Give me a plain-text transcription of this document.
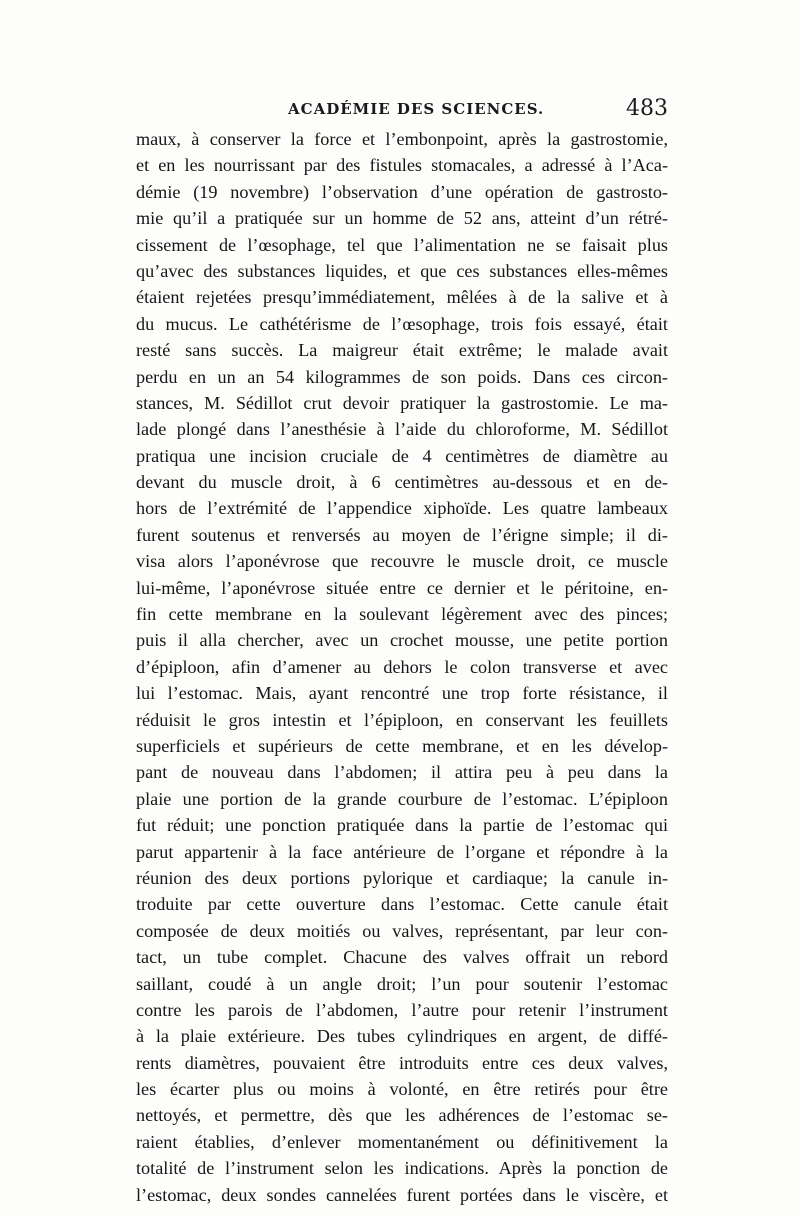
ACADÉMIE DES SCIENCES.	483
maux, à conserver la force et l’embonpoint, après la gastrostomie,
et en les nourrissant par des fistules stomacales, a adressé à l’Aca-
démie (19 novembre) l’observation d’une opération de gastrosto-
mie qu’il a pratiquée sur un homme de 52 ans, atteint d’un rétré-
cissement de l’œsophage, tel que l’alimentation ne se faisait plus
qu’avec des substances liquides, et que ces substances elles-mêmes
étaient rejetées presqu’immédiatement, mêlées à de la salive et à
du mucus. Le cathétérisme de l’œsophage, trois fois essayé, était
resté sans succès. La maigreur était extrême; le malade avait
perdu en un an 54 kilogrammes de son poids. Dans ces circon-
stances, M. Sédillot crut devoir pratiquer la gastrostomie. Le ma-
lade plongé dans l’anesthésie à l’aide du chloroforme, M. Sédillot
pratiqua une incision cruciale de 4 centimètres de diamètre au
devant du muscle droit, à 6 centimètres au-dessous et en de-
hors de l’extrémité de l’appendice xiphoïde. Les quatre lambeaux
furent soutenus et renversés au moyen de l’érigne simple; il di-
visa alors l’aponévrose que recouvre le muscle droit, ce muscle
lui-même, l’aponévrose située entre ce dernier et le péritoine, en-
fin cette membrane en la soulevant légèrement avec des pinces;
puis il alla chercher, avec un crochet mousse, une petite portion
d’épiploon, afin d’amener au dehors le colon transverse et avec
lui l’estomac. Mais, ayant rencontré une trop forte résistance, il
réduisit le gros intestin et l’épiploon, en conservant les feuillets
superficiels et supérieurs de cette membrane, et en les dévelop-
pant de nouveau dans l’abdomen; il attira peu à peu dans la
plaie une portion de la grande courbure de l’estomac. L’épiploon
fut réduit; une ponction pratiquée dans la partie de l’estomac qui
parut appartenir à la face antérieure de l’organe et répondre à la
réunion des deux portions pylorique et cardiaque; la canule in-
troduite par cette ouverture dans l’estomac. Cette canule était
composée de deux moitiés ou valves, représentant, par leur con-
tact, un tube complet. Chacune des valves offrait un rebord
saillant, coudé à un angle droit; l’un pour soutenir l’estomac
contre les parois de l’abdomen, l’autre pour retenir l’instrument
à la plaie extérieure. Des tubes cylindriques en argent, de diffé-
rents diamètres, pouvaient être introduits entre ces deux valves,
les écarter plus ou moins à volonté, en être retirés pour être
nettoyés, et permettre, dès que les adhérences de l’estomac se-
raient établies, d’enlever momentanément ou définitivement la
totalité de l’instrument selon les indications. Après la ponction de
l’estomac, deux sondes cannelées furent portées dans le viscère, et
